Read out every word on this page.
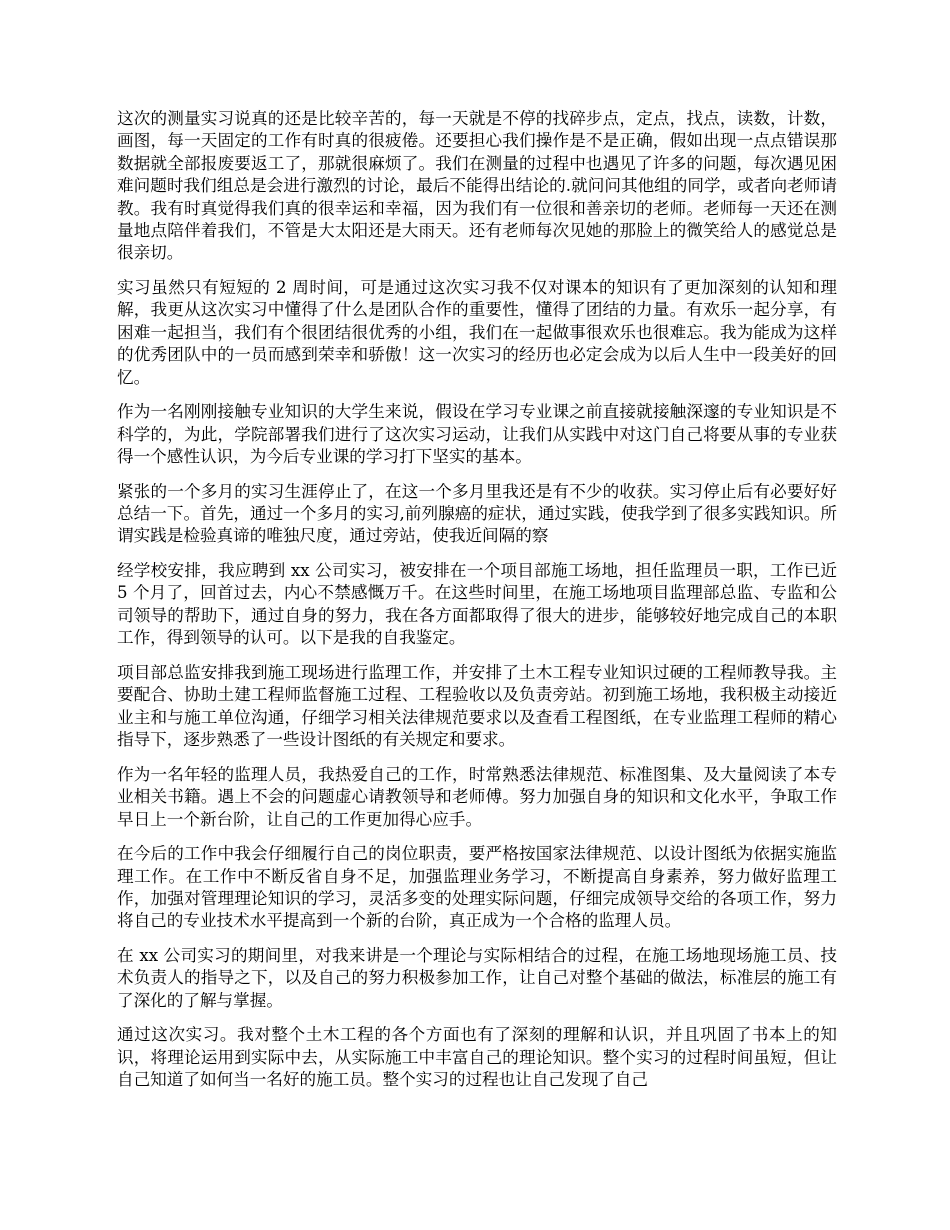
这次的测量实习说真的还是比较辛苦的，每一天就是不停的找碎步点，定点，找点，读数，计数，画图，每一天固定的工作有时真的很疲倦。还要担心我们操作是不是正确，假如出现一点点错误那数据就全部报废要返工了，那就很麻烦了。我们在测量的过程中也遇见了许多的问题，每次遇见困难问题时我们组总是会进行激烈的讨论，最后不能得出结论的.就问问其他组的同学，或者向老师请教。我有时真觉得我们真的很幸运和幸福，因为我们有一位很和善亲切的老师。老师每一天还在测量地点陪伴着我们，不管是大太阳还是大雨天。还有老师每次见她的那脸上的微笑给人的感觉总是很亲切。

实习虽然只有短短的 2 周时间，可是通过这次实习我不仅对课本的知识有了更加深刻的认知和理解，我更从这次实习中懂得了什么是团队合作的重要性，懂得了团结的力量。有欢乐一起分享，有困难一起担当，我们有个很团结很优秀的小组，我们在一起做事很欢乐也很难忘。我为能成为这样的优秀团队中的一员而感到荣幸和骄傲！这一次实习的经历也必定会成为以后人生中一段美好的回忆。

作为一名刚刚接触专业知识的大学生来说，假设在学习专业课之前直接就接触深邃的专业知识是不科学的，为此，学院部署我们进行了这次实习运动，让我们从实践中对这门自己将要从事的专业获得一个感性认识，为今后专业课的学习打下坚实的基本。

紧张的一个多月的实习生涯停止了，在这一个多月里我还是有不少的收获。实习停止后有必要好好总结一下。首先，通过一个多月的实习,前列腺癌的症状，通过实践，使我学到了很多实践知识。所谓实践是检验真谛的唯独尺度，通过旁站，使我近间隔的察

经学校安排，我应聘到 xx 公司实习，被安排在一个项目部施工场地，担任监理员一职，工作已近 5 个月了，回首过去，内心不禁感慨万千。在这些时间里，在施工场地项目监理部总监、专监和公司领导的帮助下，通过自身的努力，我在各方面都取得了很大的进步，能够较好地完成自己的本职工作，得到领导的认可。以下是我的自我鉴定。

项目部总监安排我到施工现场进行监理工作，并安排了土木工程专业知识过硬的工程师教导我。主要配合、协助土建工程师监督施工过程、工程验收以及负责旁站。初到施工场地，我积极主动接近业主和与施工单位沟通，仔细学习相关法律规范要求以及查看工程图纸，在专业监理工程师的精心指导下，逐步熟悉了一些设计图纸的有关规定和要求。

作为一名年轻的监理人员，我热爱自己的工作，时常熟悉法律规范、标准图集、及大量阅读了本专业相关书籍。遇上不会的问题虚心请教领导和老师傅。努力加强自身的知识和文化水平，争取工作早日上一个新台阶，让自己的工作更加得心应手。

在今后的工作中我会仔细履行自己的岗位职责，要严格按国家法律规范、以设计图纸为依据实施监理工作。在工作中不断反省自身不足，加强监理业务学习，不断提高自身素养，努力做好监理工作，加强对管理理论知识的学习，灵活多变的处理实际问题，仔细完成领导交给的各项工作，努力将自己的专业技术水平提高到一个新的台阶，真正成为一个合格的监理人员。

在 xx 公司实习的期间里，对我来讲是一个理论与实际相结合的过程，在施工场地现场施工员、技术负责人的指导之下，以及自己的努力积极参加工作，让自己对整个基础的做法，标准层的施工有了深化的了解与掌握。

通过这次实习。我对整个土木工程的各个方面也有了深刻的理解和认识，并且巩固了书本上的知识，将理论运用到实际中去，从实际施工中丰富自己的理论知识。整个实习的过程时间虽短，但让自己知道了如何当一名好的施工员。整个实习的过程也让自己发现了自己
